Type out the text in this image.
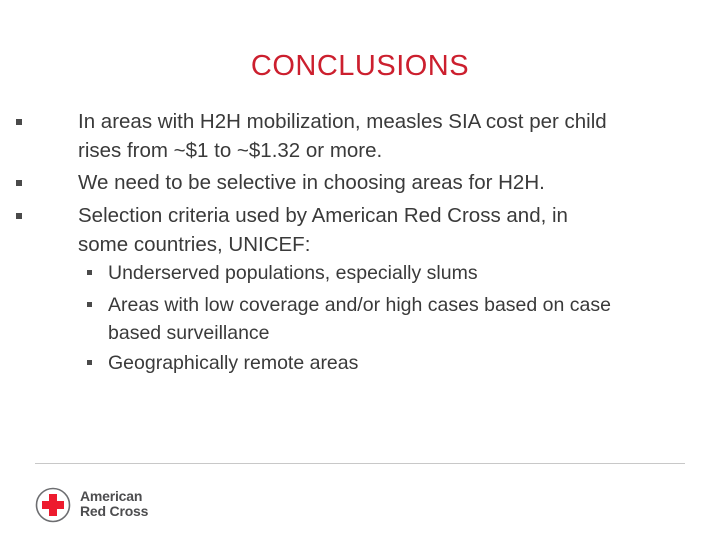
CONCLUSIONS
In areas with H2H mobilization, measles SIA cost per child
rises from ~$1 to ~$1.32 or more.
We need to be selective in choosing areas for H2H.
Selection criteria used by American Red Cross and, in
some countries, UNICEF:
Underserved populations, especially slums
Areas with low coverage and/or high cases based on case
based surveillance
Geographically remote areas
American
Red Cross
